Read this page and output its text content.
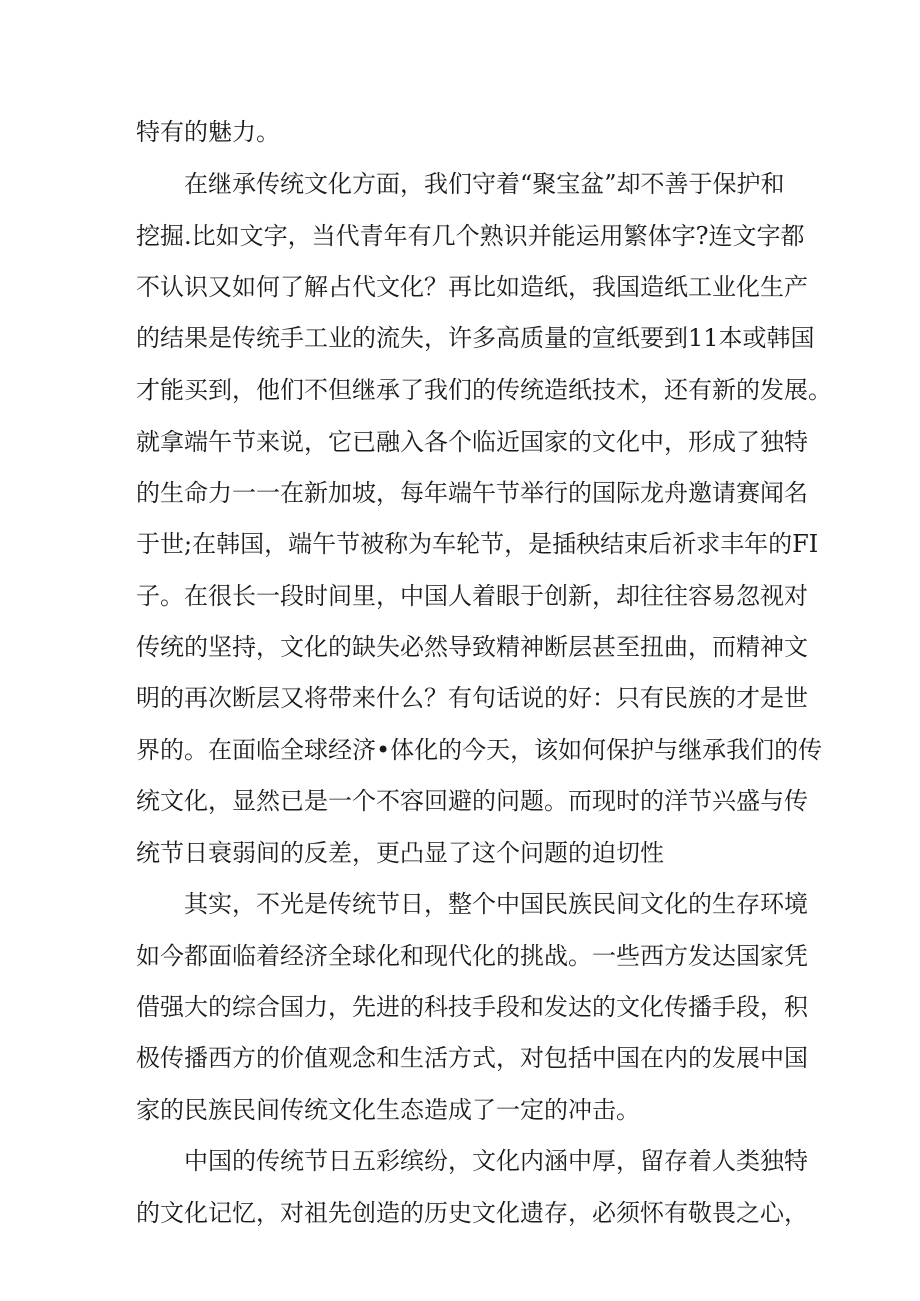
特有的魅力。
在继承传统文化方面，我们守着“聚宝盆”却不善于保护和
挖掘.比如文字，当代青年有几个熟识并能运用繁体字?连文字都
不认识又如何了解占代文化？再比如造纸，我国造纸工业化生产
的结果是传统手工业的流失，许多高质量的宣纸要到11本或韩国
才能买到，他们不但继承了我们的传统造纸技术，还有新的发展。
就拿端午节来说，它已融入各个临近国家的文化中，形成了独特
的生命力一一在新加坡，每年端午节举行的国际龙舟邀请赛闻名
于世;在韩国，端午节被称为车轮节，是插秧结束后祈求丰年的FI
子。在很长一段时间里，中国人着眼于创新，却往往容易忽视对
传统的坚持，文化的缺失必然导致精神断层甚至扭曲，而精神文
明的再次断层又将带来什么？有句话说的好：只有民族的才是世
界的。在面临全球经济•体化的今天，该如何保护与继承我们的传
统文化，显然已是一个不容回避的问题。而现时的洋节兴盛与传
统节日衰弱间的反差，更凸显了这个问题的迫切性
其实，不光是传统节日，整个中国民族民间文化的生存环境
如今都面临着经济全球化和现代化的挑战。一些西方发达国家凭
借强大的综合国力，先进的科技手段和发达的文化传播手段，积
极传播西方的价值观念和生活方式，对包括中国在内的发展中国
家的民族民间传统文化生态造成了一定的冲击。
中国的传统节日五彩缤纷，文化内涵中厚，留存着人类独特
的文化记忆，对祖先创造的历史文化遗存，必须怀有敬畏之心，
